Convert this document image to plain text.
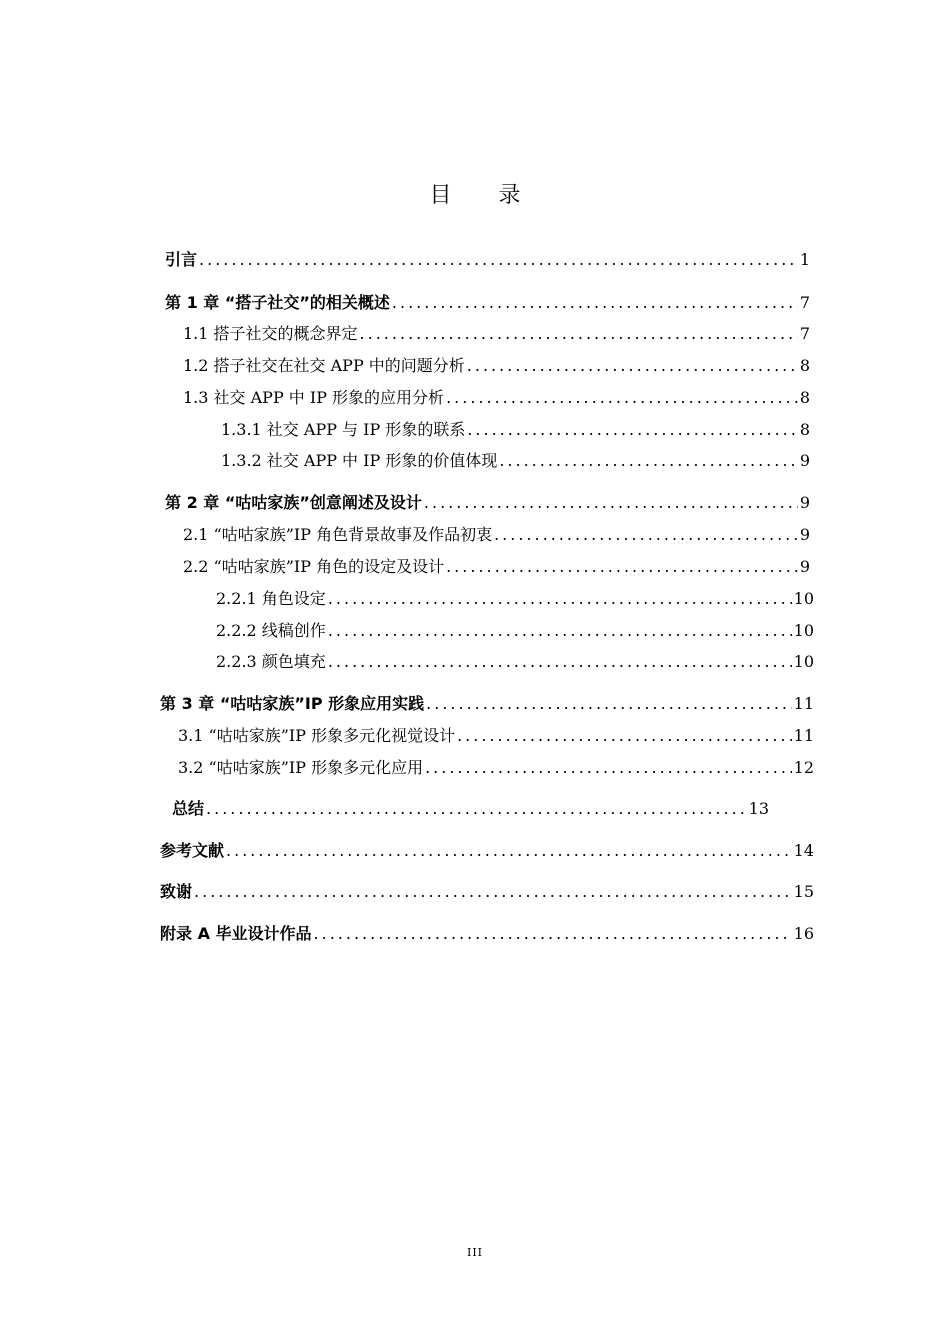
目 录
引言 .....	1
第 1 章 “搭子社交”的相关概述 .....	7
1.1 搭子社交的概念界定 .....	7
1.2 搭子社交在社交 APP 中的问题分析 .....	8
1.3 社交 APP 中 IP 形象的应用分析 .....	8
1.3.1 社交 APP 与 IP 形象的联系 .....	8
1.3.2 社交 APP 中 IP 形象的价值体现 .....	9
第 2 章 “咕咕家族”创意阐述及设计 .....	9
2.1 “咕咕家族”IP 角色背景故事及作品初衷 .....	9
2.2 “咕咕家族”IP 角色的设定及设计 .....	9
2.2.1 角色设定 .....	10
2.2.2 线稿创作 .....	10
2.2.3 颜色填充 .....	10
第 3 章 “咕咕家族”IP 形象应用实践 .....	11
3.1 “咕咕家族”IP 形象多元化视觉设计 .....	11
3.2 “咕咕家族”IP 形象多元化应用 .....	12
总结 .....	13
参考文献 .....	14
致谢 .....	15
附录 A 毕业设计作品 .....	16
III
